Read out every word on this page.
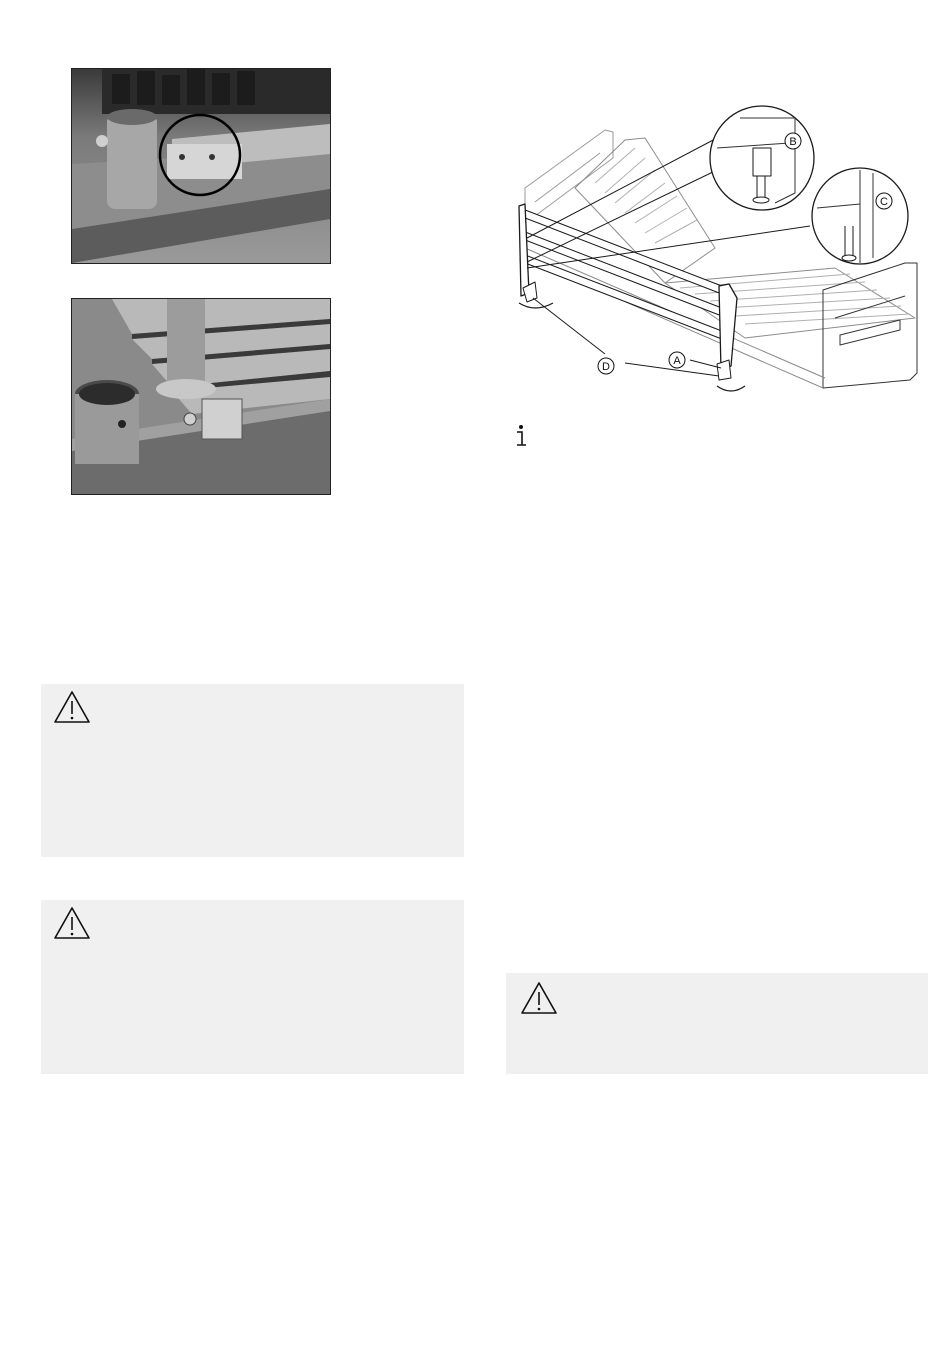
B
C
A
D
